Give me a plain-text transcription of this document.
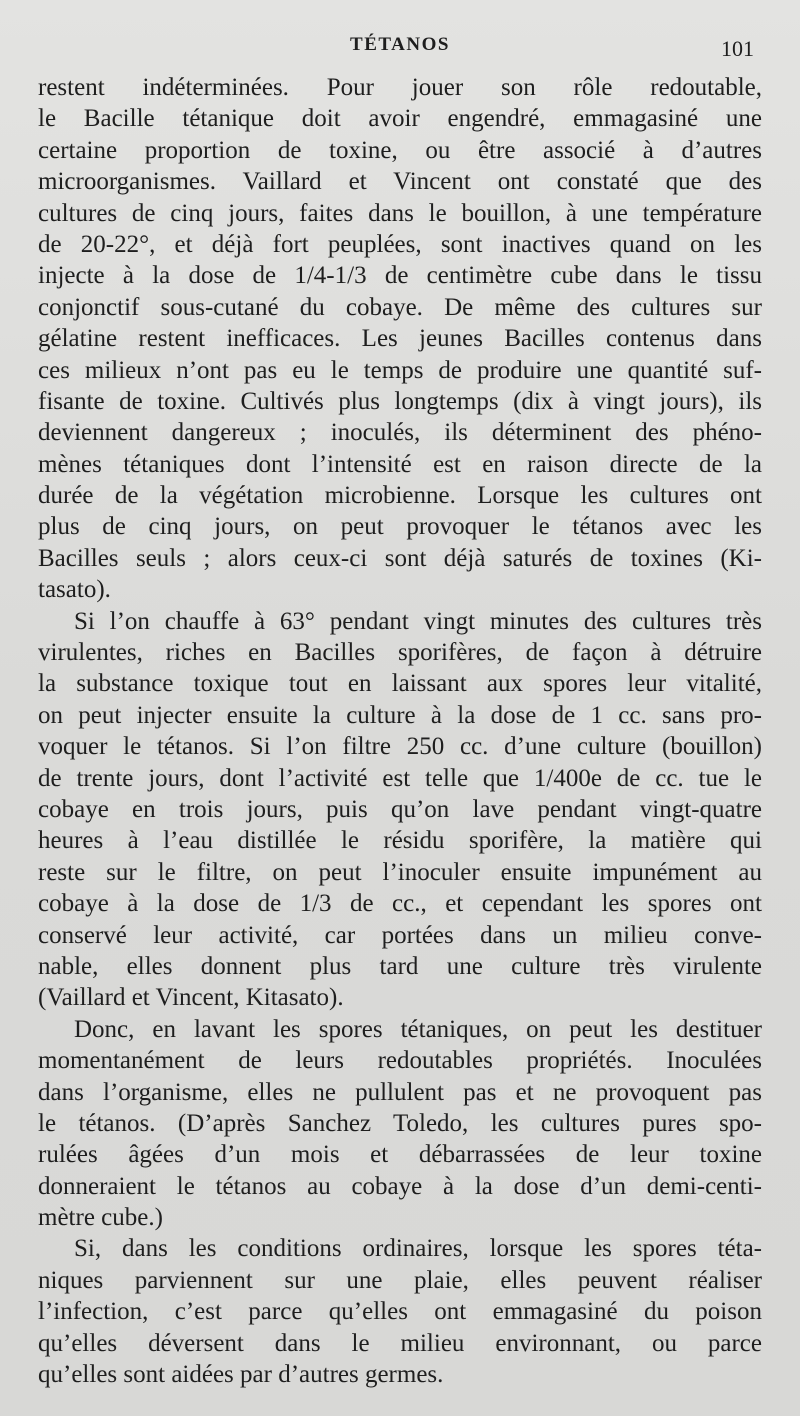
TÉTANOS	101
restent indéterminées. Pour jouer son rôle redoutable,
le Bacille tétanique doit avoir engendré, emmagasiné une
certaine proportion de toxine, ou être associé à d’autres
microorganismes. Vaillard et Vincent ont constaté que des
cultures de cinq jours, faites dans le bouillon, à une température
de 20-22°, et déjà fort peuplées, sont inactives quand on les
injecte à la dose de 1/4-1/3 de centimètre cube dans le tissu
conjonctif sous-cutané du cobaye. De même des cultures sur
gélatine restent inefficaces. Les jeunes Bacilles contenus dans
ces milieux n’ont pas eu le temps de produire une quantité suf-
fisante de toxine. Cultivés plus longtemps (dix à vingt jours), ils
deviennent dangereux ; inoculés, ils déterminent des phéno-
mènes tétaniques dont l’intensité est en raison directe de la
durée de la végétation microbienne. Lorsque les cultures ont
plus de cinq jours, on peut provoquer le tétanos avec les
Bacilles seuls ; alors ceux-ci sont déjà saturés de toxines (Ki-
tasato).
Si l’on chauffe à 63° pendant vingt minutes des cultures très
virulentes, riches en Bacilles sporifères, de façon à détruire
la substance toxique tout en laissant aux spores leur vitalité,
on peut injecter ensuite la culture à la dose de 1 cc. sans pro-
voquer le tétanos. Si l’on filtre 250 cc. d’une culture (bouillon)
de trente jours, dont l’activité est telle que 1/400e de cc. tue le
cobaye en trois jours, puis qu’on lave pendant vingt-quatre
heures à l’eau distillée le résidu sporifère, la matière qui
reste sur le filtre, on peut l’inoculer ensuite impunément au
cobaye à la dose de 1/3 de cc., et cependant les spores ont
conservé leur activité, car portées dans un milieu conve-
nable, elles donnent plus tard une culture très virulente
(Vaillard et Vincent, Kitasato).
Donc, en lavant les spores tétaniques, on peut les destituer
momentanément de leurs redoutables propriétés. Inoculées
dans l’organisme, elles ne pullulent pas et ne provoquent pas
le tétanos. (D’après Sanchez Toledo, les cultures pures spo-
rulées âgées d’un mois et débarrassées de leur toxine
donneraient le tétanos au cobaye à la dose d’un demi-centi-
mètre cube.)
Si, dans les conditions ordinaires, lorsque les spores téta-
niques parviennent sur une plaie, elles peuvent réaliser
l’infection, c’est parce qu’elles ont emmagasiné du poison
qu’elles déversent dans le milieu environnant, ou parce
qu’elles sont aidées par d’autres germes.
